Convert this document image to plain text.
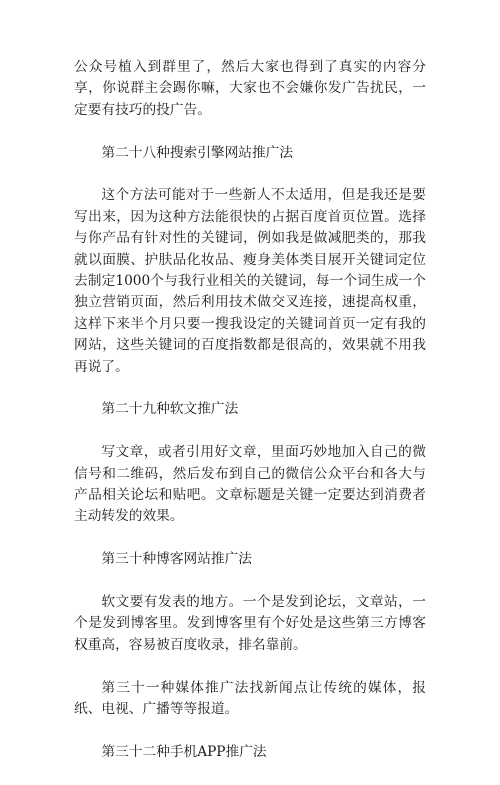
公众号植入到群里了，然后大家也得到了真实的内容分享，你说群主会踢你嘛，大家也不会嫌你发广告扰民，一定要有技巧的投广告。

第二十八种搜索引擎网站推广法

这个方法可能对于一些新人不太适用，但是我还是要写出来，因为这种方法能很快的占据百度首页位置。选择与你产品有针对性的关键词，例如我是做减肥类的，那我就以面膜、护肤品化妆品、瘦身美体类目展开关键词定位去制定1000个与我行业相关的关键词，每一个词生成一个独立营销页面，然后利用技术做交叉连接，速提高权重，这样下来半个月只要一搜我设定的关键词首页一定有我的网站，这些关键词的百度指数都是很高的，效果就不用我再说了。

第二十九种软文推广法

写文章，或者引用好文章，里面巧妙地加入自己的微信号和二维码，然后发布到自己的微信公众平台和各大与产品相关论坛和贴吧。文章标题是关键一定要达到消费者主动转发的效果。

第三十种博客网站推广法

软文要有发表的地方。一个是发到论坛，文章站，一个是发到博客里。发到博客里有个好处是这些第三方博客权重高，容易被百度收录，排名靠前。

第三十一种媒体推广法找新闻点让传统的媒体，报纸、电视、广播等等报道。

第三十二种手机APP推广法
